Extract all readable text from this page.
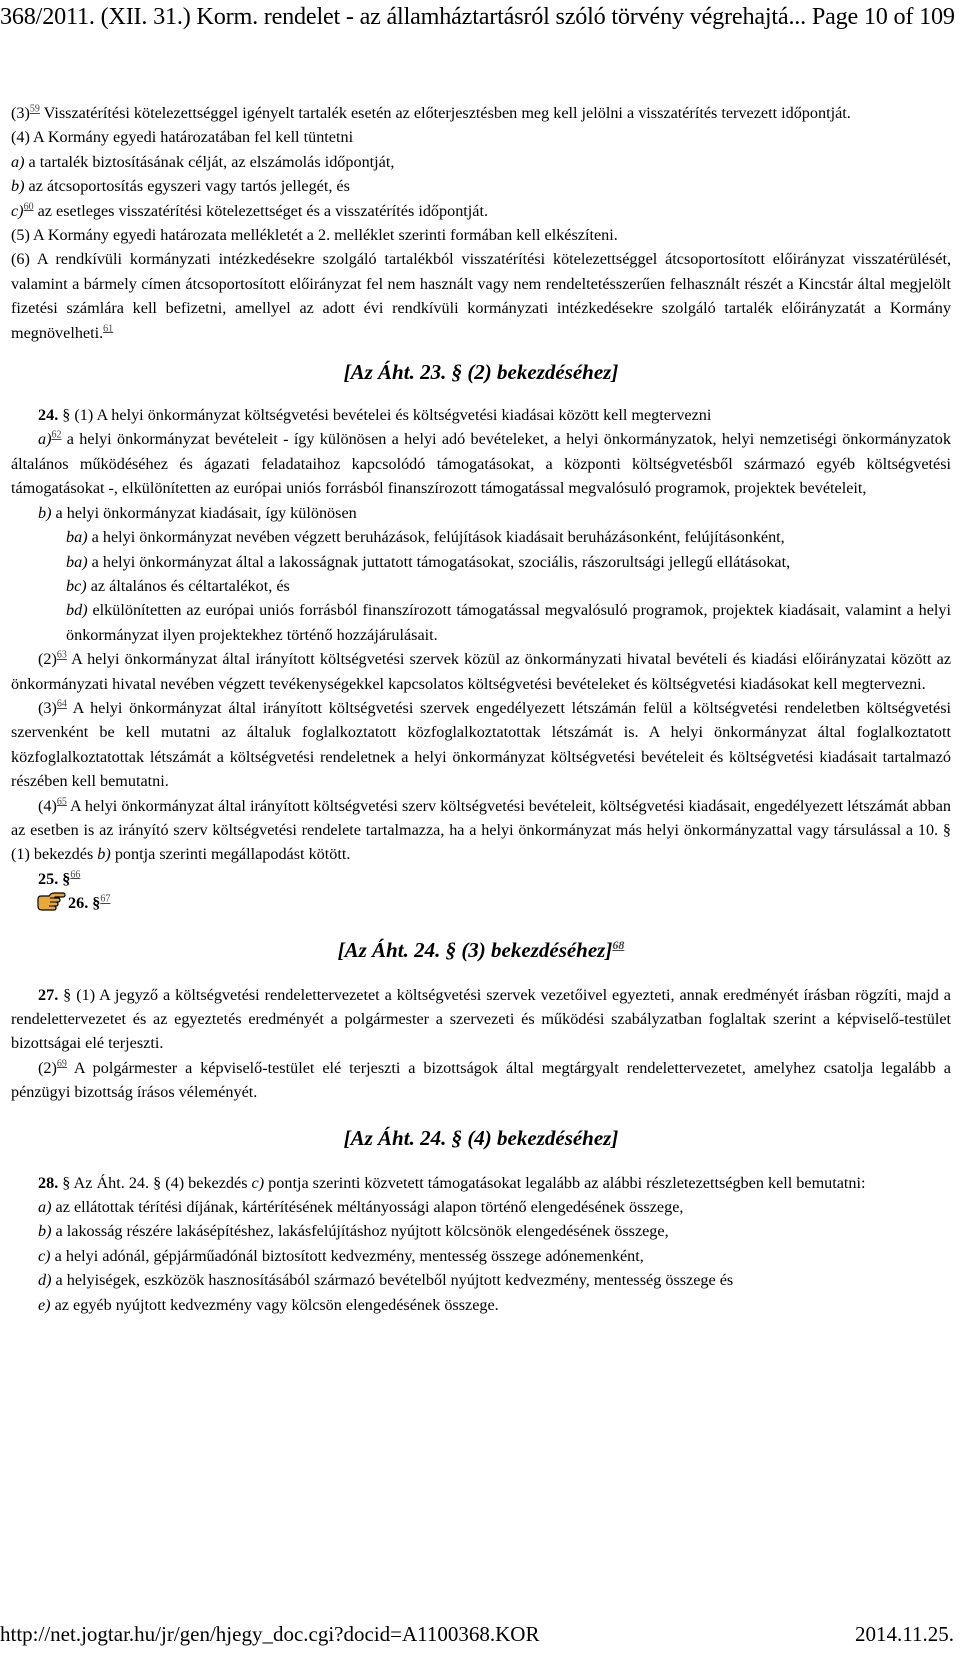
368/2011. (XII. 31.) Korm. rendelet - az államháztartásról szóló törvény végrehajtá... Page 10 of 109

(3)$^{59}$ Visszatérítési kötelezettséggel igényelt tartalék esetén az előterjesztésben meg kell jelölni a visszatérítés tervezett időpontját.

(4) A Kormány egyedi határozatában fel kell tüntetni

a) a tartalék biztosításának célját, az elszámolás időpontját,

b) az átcsoportosítás egyszeri vagy tartós jellegét, és

c)$^{60}$ az esetleges visszatérítési kötelezettséget és a visszatérítés időpontját.

(5) A Kormány egyedi határozata mellékletét a 2. melléklet szerinti formában kell elkészíteni.

(6) A rendkívüli kormányzati intézkedésekre szolgáló tartalékból visszatérítési kötelezettséggel átcsoportosított előirányzat visszatérülését, valamint a bármely címen átcsoportosított előirányzat fel nem használt vagy nem rendeltetésszerűen felhasznált részét a Kincstár által megjelölt fizetési számlára kell befizetni, amellyel az adott évi rendkívüli kormányzati intézkedésekre szolgáló tartalék előirányzatát a Kormány megnövelheti.$^{61}$

[Az Áht. 23. § (2) bekezdéséhez]

24. § (1) A helyi önkormányzat költségvetési bevételei és költségvetési kiadásai között kell megtervezni

a)$^{62}$ a helyi önkormányzat bevételeit - így különösen a helyi adó bevételeket, a helyi önkormányzatok, helyi nemzetiségi önkormányzatok általános működéséhez és ágazati feladataihoz kapcsolódó támogatásokat, a központi költségvetésből származó egyéb költségvetési támogatásokat -, elkülönítetten az európai uniós forrásból finanszírozott támogatással megvalósuló programok, projektek bevételeit,

b) a helyi önkormányzat kiadásait, így különösen

ba) a helyi önkormányzat nevében végzett beruházások, felújítások kiadásait beruházásonként, felújításonként,

ba) a helyi önkormányzat által a lakosságnak juttatott támogatásokat, szociális, rászorultsági jellegű ellátásokat,

bc) az általános és céltartalékot, és

bd) elkülönítetten az európai uniós forrásból finanszírozott támogatással megvalósuló programok, projektek kiadásait, valamint a helyi önkormányzat ilyen projektekhez történő hozzájárulásait.

(2)$^{63}$ A helyi önkormányzat által irányított költségvetési szervek közül az önkormányzati hivatal bevételi és kiadási előirányzatai között az önkormányzati hivatal nevében végzett tevékenységekkel kapcsolatos költségvetési bevételeket és költségvetési kiadásokat kell megtervezni.

(3)$^{64}$ A helyi önkormányzat által irányított költségvetési szervek engedélyezett létszámán felül a költségvetési rendeletben költségvetési szervenként be kell mutatni az általuk foglalkoztatott közfoglalkoztatottak létszámát is. A helyi önkormányzat által foglalkoztatott közfoglalkoztatottak létszámát a költségvetési rendeletnek a helyi önkormányzat költségvetési bevételeit és költségvetési kiadásait tartalmazó részében kell bemutatni.

(4)$^{65}$ A helyi önkormányzat által irányított költségvetési szerv költségvetési bevételeit, költségvetési kiadásait, engedélyezett létszámát abban az esetben is az irányító szerv költségvetési rendelete tartalmazza, ha a helyi önkormányzat más helyi önkormányzattal vagy társulással a 10. § (1) bekezdés b) pontja szerinti megállapodást kötött.

25. §$^{66}$

26. §$^{67}$

[Az Áht. 24. § (3) bekezdéséhez]$^{68}$

27. § (1) A jegyző a költségvetési rendelettervezetet a költségvetési szervek vezetőivel egyezteti, annak eredményét írásban rögzíti, majd a rendelettervezetet és az egyeztetés eredményét a polgármester a szervezeti és működési szabályzatban foglaltak szerint a képviselő-testület bizottságai elé terjeszti.

(2)$^{69}$ A polgármester a képviselő-testület elé terjeszti a bizottságok által megtárgyalt rendelettervezetet, amelyhez csatolja legalább a pénzügyi bizottság írásos véleményét.

[Az Áht. 24. § (4) bekezdéséhez]

28. § Az Áht. 24. § (4) bekezdés c) pontja szerinti közvetett támogatásokat legalább az alábbi részletezettségben kell bemutatni:

a) az ellátottak térítési díjának, kártérítésének méltányossági alapon történő elengedésének összege,

b) a lakosság részére lakásépítéshez, lakásfelújításhoz nyújtott kölcsönök elengedésének összege,

c) a helyi adónál, gépjárműadónál biztosított kedvezmény, mentesség összege adónemenként,

d) a helyiségek, eszközök hasznosításából származó bevételből nyújtott kedvezmény, mentesség összege és

e) az egyéb nyújtott kedvezmény vagy kölcsön elengedésének összege.

http://net.jogtar.hu/jr/gen/hjegy_doc.cgi?docid=A1100368.KOR	2014.11.25.
